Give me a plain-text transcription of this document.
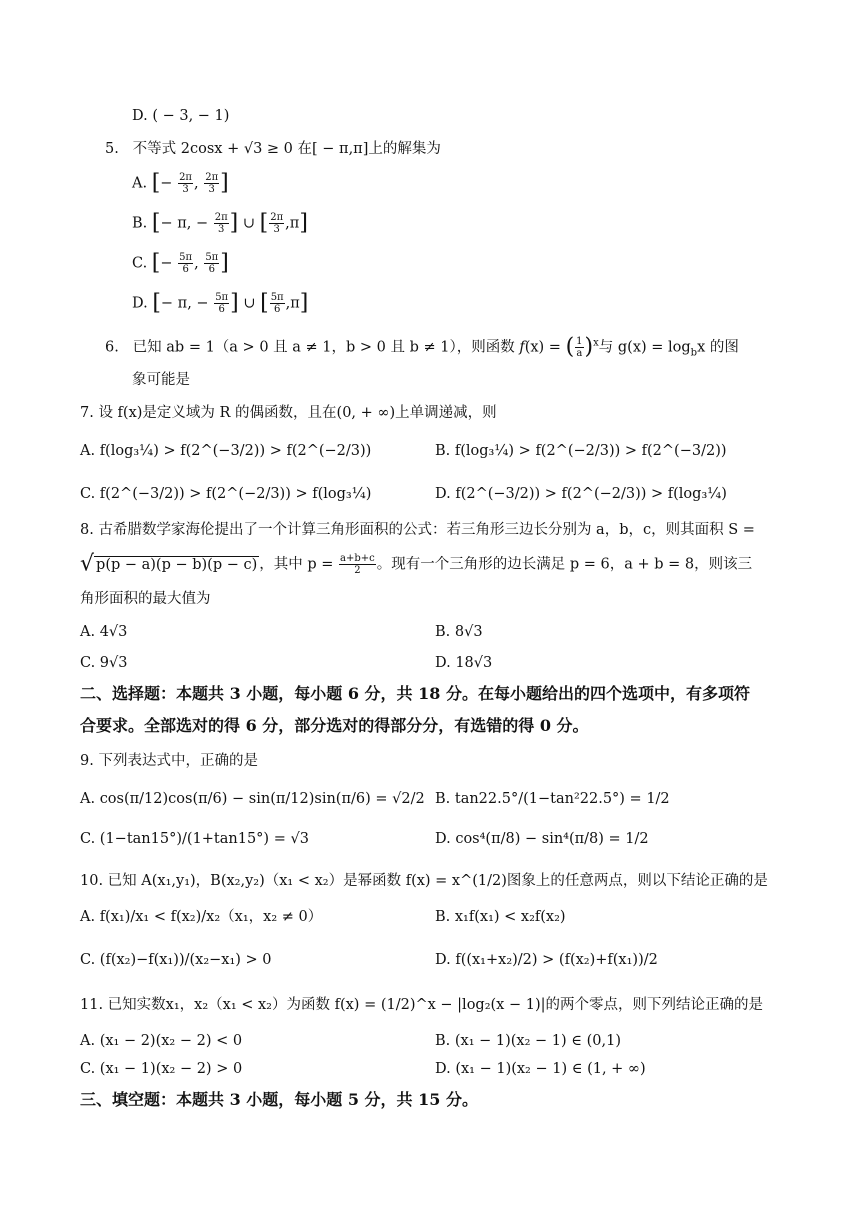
D. ( − 3, − 1)
5. 不等式 2cosx + √3 ≥ 0 在[ − π,π]上的解集为
A. [− $\frac{2\pi}{3}$ , $\frac{2\pi}{3}$ ]
B. [− π, − $\frac{2\pi}{3}$ ] ∪ [ $\frac{2\pi}{3} ,\pi$]
C. [− $\frac{5\pi}{6}$ , $\frac{5\pi}{6}$ ]
D. [− π, − $\frac{5\pi}{6}$ ] ∪ [ $\frac{5\pi}{6} ,\pi$]
6. 已知 ab = 1（a > 0 且 a ≠ 1，b > 0 且 b ≠ 1），则函数 f(x) = ( $\frac{1}{a} )^x$与 $g(x) = \log_bx$ 的图
象可能是
7. 设 f(x)是定义域为 R 的偶函数，且在(0, + ∞)上单调递减，则
A. f(log₃¼) > f(2^(−3/2)) > f(2^(−2/3))	B. f(log₃¼) > f(2^(−2/3)) > f(2^(−3/2))
C. f(2^(−3/2)) > f(2^(−2/3)) > f(log₃¼)	D. f(2^(−3/2)) > f(2^(−2/3)) > f(log₃¼)
8. 古希腊数学家海伦提出了一个计算三角形面积的公式：若三角形三边长分别为 a，b，c，则其面积 S =
√ p(p − a)(p − b)(p − c) ，其中 $p = \frac{a+b+c}{2}$ 。现有一个三角形的边长满足 p = 6，a + b = 8，则该三
角形面积的最大值为
A. 4√3	B. 8√3
C. 9√3	D. 18√3
二、选择题：本题共 3 小题，每小题 6 分，共 18 分。在每小题给出的四个选项中，有多项符
合要求。全部选对的得 6 分，部分选对的得部分分，有选错的得 0 分。
9. 下列表达式中，正确的是
A. cos(π/12)cos(π/6) − sin(π/12)sin(π/6) = √2/2 B. tan22.5°/(1−tan²22.5°) = 1/2
C. (1−tan15°)/(1+tan15°) = √3	D. cos⁴(π/8) − sin⁴(π/8) = 1/2
10. 已知 A(x₁,y₁)，B(x₂,y₂)（x₁ < x₂）是幂函数 f(x) = x^(1/2)图象上的任意两点，则以下结论正确的是
A. f(x₁)/x₁ < f(x₂)/x₂（x₁，x₂ ≠ 0）	B. x₁f(x₁) < x₂f(x₂)
C. (f(x₂)−f(x₁))/(x₂−x₁) > 0	D. f((x₁+x₂)/2) > (f(x₂)+f(x₁))/2
11. 已知实数x₁，x₂（x₁ < x₂）为函数 f(x) = (1/2)^x − |log₂(x − 1)|的两个零点，则下列结论正确的是
A. (x₁ − 2)(x₂ − 2) < 0	B. (x₁ − 1)(x₂ − 1) ∈ (0,1)
C. (x₁ − 1)(x₂ − 2) > 0	D. (x₁ − 1)(x₂ − 1) ∈ (1, + ∞)
三、填空题：本题共 3 小题，每小题 5 分，共 15 分。
